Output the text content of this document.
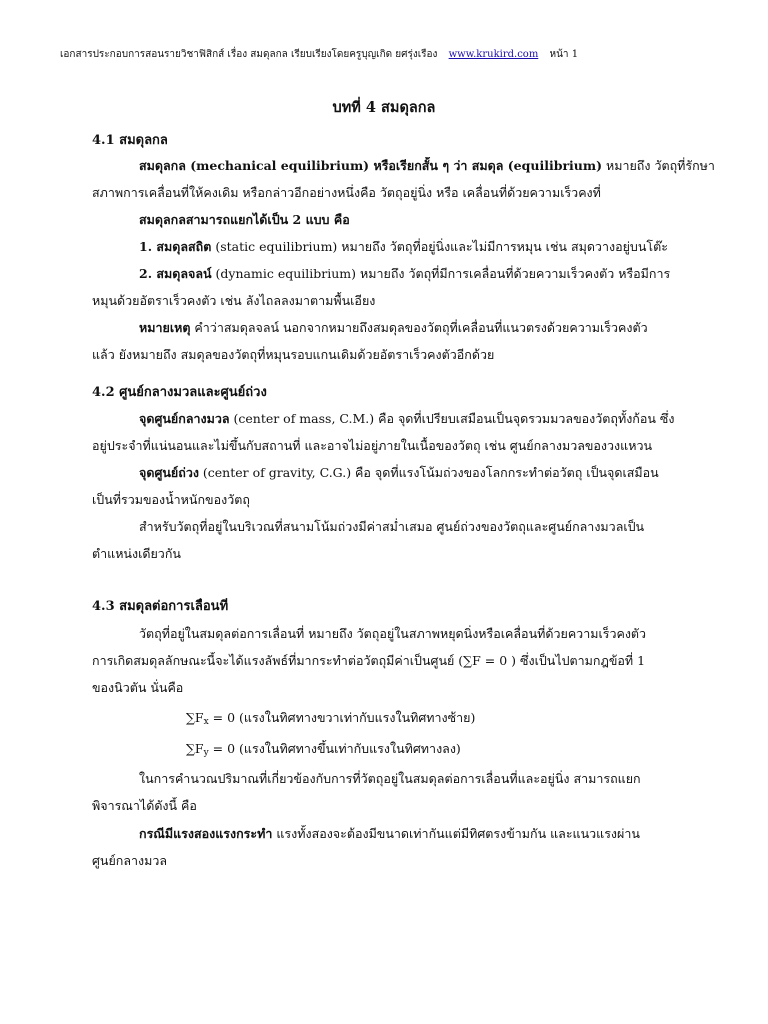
เอกสารประกอบการสอนรายวิชาฟิสิกส์ เรื่อง สมดุลกล เรียบเรียงโดยครูบุญเกิด ยศรุ่งเรือง www.krukird.com หน้า 1
บทที่ 4 สมดุลกล
4.1 สมดุลกล
สมดุลกล (mechanical equilibrium) หรือเรียกสั้น ๆ ว่า สมดุล (equilibrium) หมายถึง วัตถุที่รักษา
สภาพการเคลื่อนที่ให้คงเดิม หรือกล่าวอีกอย่างหนึ่งคือ วัตถุอยู่นิ่ง หรือ เคลื่อนที่ด้วยความเร็วคงที่
สมดุลกลสามารถแยกได้เป็น 2 แบบ คือ
1. สมดุลสถิต (static equilibrium) หมายถึง วัตถุที่อยู่นิ่งและไม่มีการหมุน เช่น สมุดวางอยู่บนโต๊ะ
2. สมดุลจลน์ (dynamic equilibrium) หมายถึง วัตถุที่มีการเคลื่อนที่ด้วยความเร็วคงตัว หรือมีการ
หมุนด้วยอัตราเร็วคงตัว เช่น ลังไถลลงมาตามพื้นเอียง
หมายเหตุ คำว่าสมดุลจลน์ นอกจากหมายถึงสมดุลของวัตถุที่เคลื่อนที่แนวตรงด้วยความเร็วคงตัว
แล้ว ยังหมายถึง สมดุลของวัตถุที่หมุนรอบแกนเดิมด้วยอัตราเร็วคงตัวอีกด้วย
4.2 ศูนย์กลางมวลและศูนย์ถ่วง
จุดศูนย์กลางมวล (center of mass, C.M.) คือ จุดที่เปรียบเสมือนเป็นจุดรวมมวลของวัตถุทั้งก้อน ซึ่ง
อยู่ประจำที่แน่นอนและไม่ขึ้นกับสถานที่ และอาจไม่อยู่ภายในเนื้อของวัตถุ เช่น ศูนย์กลางมวลของวงแหวน
จุดศูนย์ถ่วง (center of gravity, C.G.) คือ จุดที่แรงโน้มถ่วงของโลกกระทำต่อวัตถุ เป็นจุดเสมือน
เป็นที่รวมของน้ำหนักของวัตถุ
สำหรับวัตถุที่อยู่ในบริเวณที่สนามโน้มถ่วงมีค่าสม่ำเสมอ ศูนย์ถ่วงของวัตถุและศูนย์กลางมวลเป็น
ตำแหน่งเดียวกัน
4.3 สมดุลต่อการเลื่อนที่
วัตถุที่อยู่ในสมดุลต่อการเลื่อนที่ หมายถึง วัตถุอยู่ในสภาพหยุดนิ่งหรือเคลื่อนที่ด้วยความเร็วคงตัว
การเกิดสมดุลลักษณะนี้จะได้แรงลัพธ์ที่มากระทำต่อวัตถุมีค่าเป็นศูนย์ (∑F = 0 ) ซึ่งเป็นไปตามกฎข้อที่ 1
ของนิวตัน นั่นคือ
$\sum F_x = 0$ (แรงในทิศทางขวาเท่ากับแรงในทิศทางซ้าย)
$\sum F_y = 0$ (แรงในทิศทางขึ้นเท่ากับแรงในทิศทางลง)
ในการคำนวณปริมาณที่เกี่ยวข้องกับการที่วัตถุอยู่ในสมดุลต่อการเลื่อนที่และอยู่นิ่ง สามารถแยก
พิจารณาได้ดังนี้ คือ
กรณีมีแรงสองแรงกระทำ แรงทั้งสองจะต้องมีขนาดเท่ากันแต่มีทิศตรงข้ามกัน และแนวแรงผ่าน
ศูนย์กลางมวล
